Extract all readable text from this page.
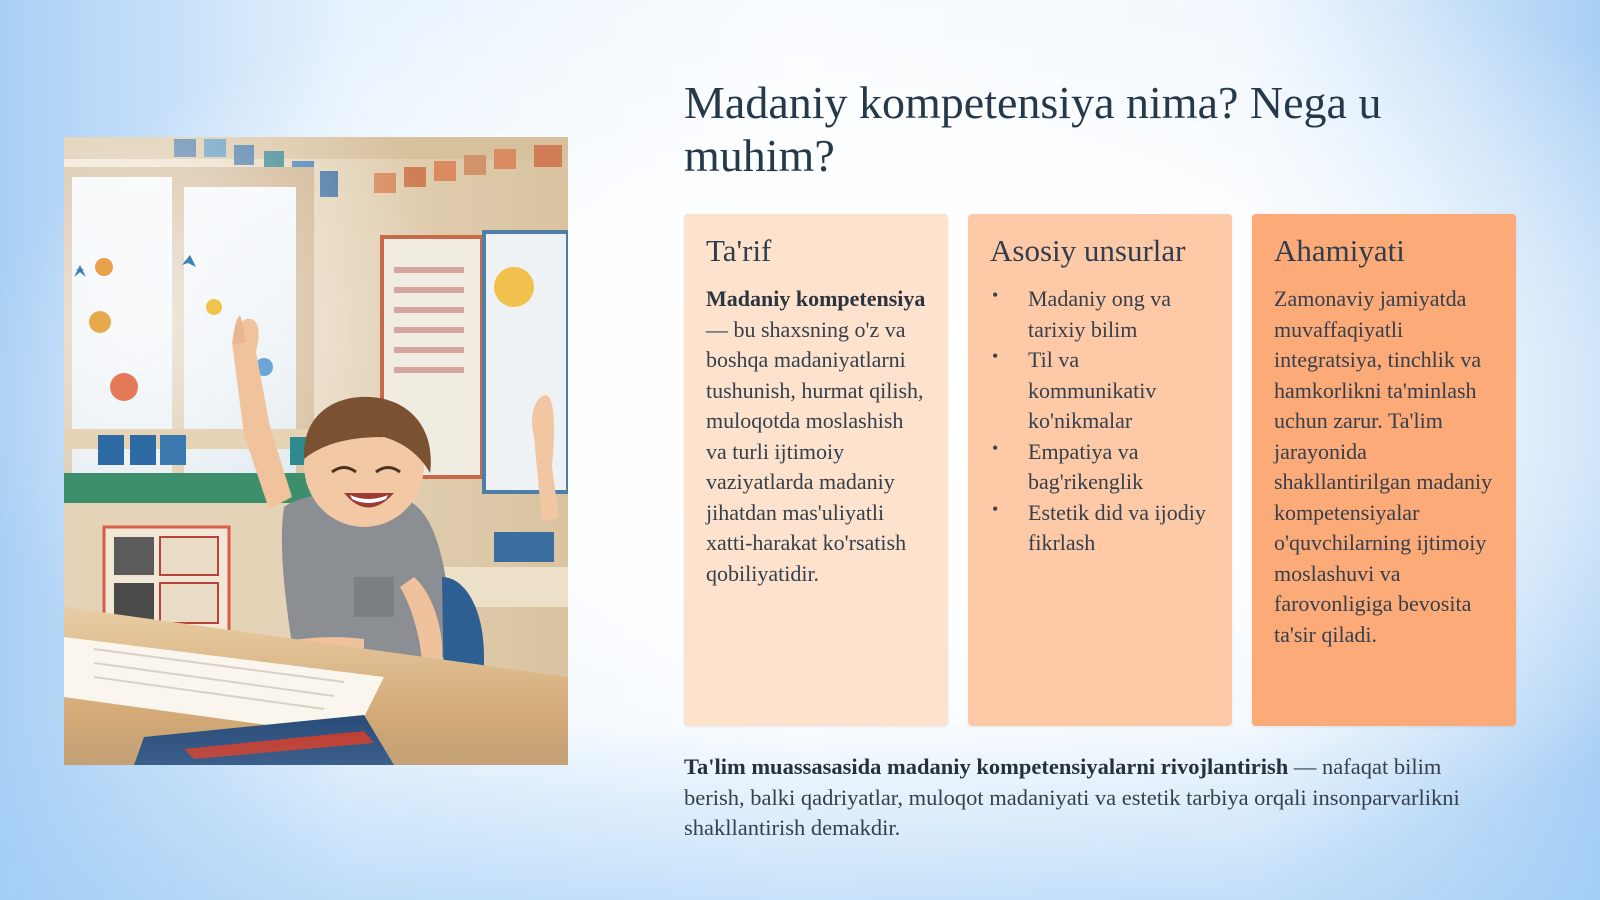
Madaniy kompetensiya nima? Nega u muhim?
Ta'rif

Madaniy kompetensiya — bu shaxsning o'z va boshqa madaniyatlarni tushunish, hurmat qilish, muloqotda moslashish va turli ijtimoiy vaziyatlarda madaniy jihatdan mas'uliyatli xatti-harakat ko'rsatish qobiliyatidir.

Asosiy unsurlar
• Madaniy ong va tarixiy bilim
• Til va kommunikativ ko'nikmalar
• Empatiya va bag'rikenglik
• Estetik did va ijodiy fikrlash
Ahamiyati

Zamonaviy jamiyatda muvaffaqiyatli integratsiya, tinchlik va hamkorlikni ta'minlash uchun zarur. Ta'lim jarayonida shakllantirilgan madaniy kompetensiyalar o'quvchilarning ijtimoiy moslashuvi va farovonligiga bevosita ta'sir qiladi.

Ta'lim muassasasida madaniy kompetensiyalarni rivojlantirish — nafaqat bilim berish, balki qadriyatlar, muloqot madaniyati va estetik tarbiya orqali insonparvarlikni shakllantirish demakdir.
